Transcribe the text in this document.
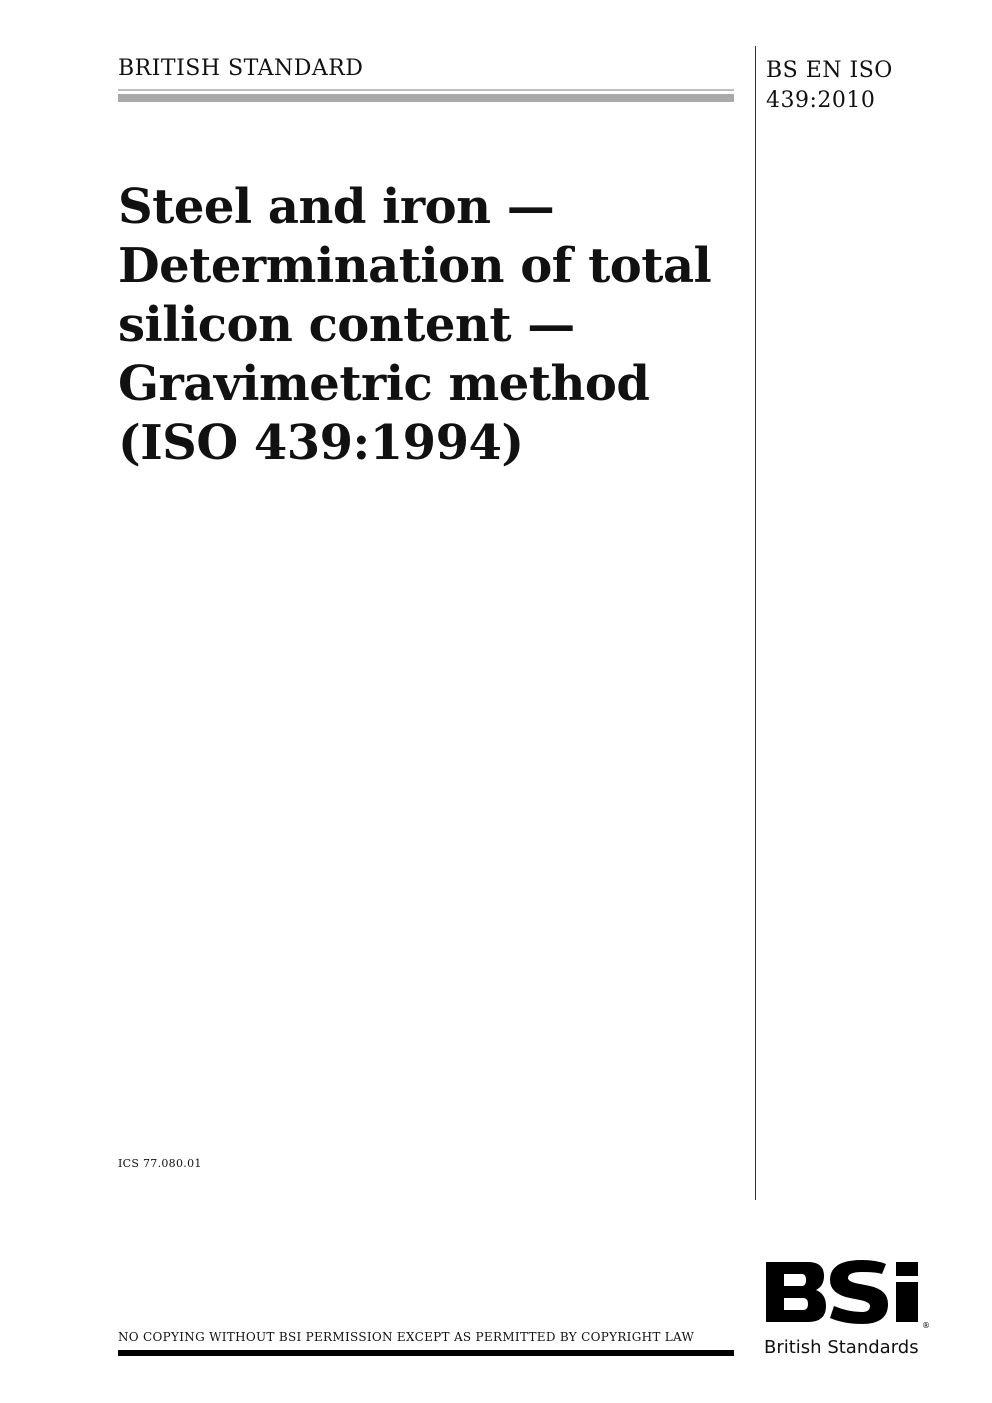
BRITISH STANDARD	BS EN ISO
439:2010
Steel and iron —
Determination of total
silicon content —
Gravimetric method
(ISO 439:1994)
ICS 77.080.01
NO COPYING WITHOUT BSI PERMISSION EXCEPT AS PERMITTED BY COPYRIGHT LAW
®
British Standards
